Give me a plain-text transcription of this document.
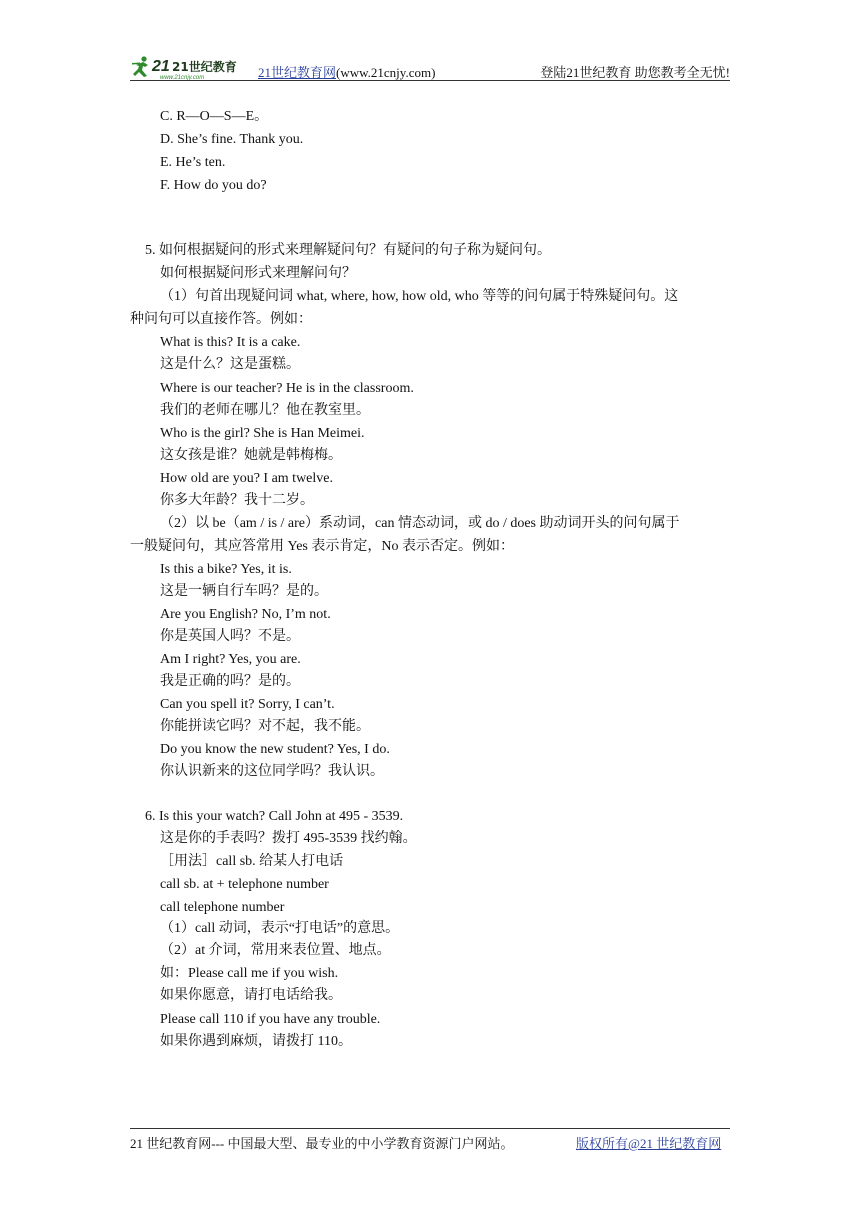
21 21世纪教育
www.21cnjy.com	21世纪教育网(www.21cnjy.com)	登陆21世纪教育 助您教考全无忧!
C. R—O—S—E。
D. She’s fine. Thank you.
E. He’s ten.
F. How do you do?
5. 如何根据疑问的形式来理解疑问句？有疑问的句子称为疑问句。
如何根据疑问形式来理解问句？
（1）句首出现疑问词 what, where, how, how old, who 等等的问句属于特殊疑问句。这
种问句可以直接作答。例如：
What is this? It is a cake.
这是什么？这是蛋糕。
Where is our teacher? He is in the classroom.
我们的老师在哪儿？他在教室里。
Who is the girl? She is Han Meimei.
这女孩是谁？她就是韩梅梅。
How old are you? I am twelve.
你多大年龄？我十二岁。
（2）以 be（am / is / are）系动词，can 情态动词，或 do / does 助动词开头的问句属于
一般疑问句，其应答常用 Yes 表示肯定，No 表示否定。例如：
Is this a bike? Yes, it is.
这是一辆自行车吗？是的。
Are you English? No, I’m not.
你是英国人吗？不是。
Am I right? Yes, you are.
我是正确的吗？是的。
Can you spell it? Sorry, I can’t.
你能拼读它吗？对不起，我不能。
Do you know the new student? Yes, I do.
你认识新来的这位同学吗？我认识。
6. Is this your watch? Call John at 495 - 3539.
这是你的手表吗？拨打 495-3539 找约翰。
［用法］call sb. 给某人打电话
call sb. at + telephone number
call telephone number
（1）call 动词，表示“打电话”的意思。
（2）at 介词，常用来表位置、地点。
如：Please call me if you wish.
如果你愿意，请打电话给我。
Please call 110 if you have any trouble.
如果你遇到麻烦，请拨打 110。
21 世纪教育网--- 中国最大型、最专业的中小学教育资源门户网站。	版权所有@21 世纪教育网
